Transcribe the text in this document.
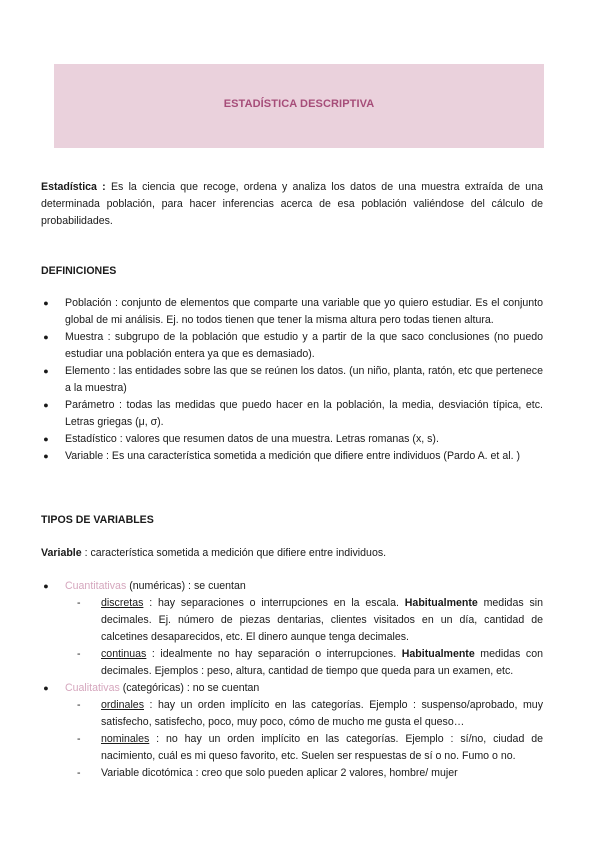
ESTADÍSTICA DESCRIPTIVA

Estadística : Es la ciencia que recoge, ordena y analiza los datos de una muestra extraída de una determinada población, para hacer inferencias acerca de esa población valiéndose del cálculo de probabilidades.

DEFINICIONES
● Población : conjunto de elementos que comparte una variable que yo quiero estudiar. Es el conjunto global de mi análisis. Ej. no todos tienen que tener la misma altura pero todas tienen altura.
● Muestra : subgrupo de la población que estudio y a partir de la que saco conclusiones (no puedo estudiar una población entera ya que es demasiado).
● Elemento : las entidades sobre las que se reúnen los datos. (un niño, planta, ratón, etc que pertenece a la muestra)
● Parámetro : todas las medidas que puedo hacer en la población, la media, desviación típica, etc. Letras griegas (μ, σ).
● Estadístico : valores que resumen datos de una muestra. Letras romanas (x, s).
● Variable : Es una característica sometida a medición que difiere entre individuos (Pardo A. et al. )
TIPOS DE VARIABLES

Variable : característica sometida a medición que difiere entre individuos.

● Cuantitativas (numéricas) : se cuentan
- discretas : hay separaciones o interrupciones en la escala. Habitualmente medidas sin decimales. Ej. número de piezas dentarias, clientes visitados en un día, cantidad de calcetines desaparecidos, etc. El dinero aunque tenga decimales.
- continuas : idealmente no hay separación o interrupciones. Habitualmente medidas con decimales. Ejemplos : peso, altura, cantidad de tiempo que queda para un examen, etc.
● Cualitativas (categóricas) : no se cuentan
- ordinales : hay un orden implícito en las categorías. Ejemplo : suspenso/aprobado, muy satisfecho, satisfecho, poco, muy poco, cómo de mucho me gusta el queso…
- nominales : no hay un orden implícito en las categorías. Ejemplo : sí/no, ciudad de nacimiento, cuál es mi queso favorito, etc. Suelen ser respuestas de sí o no. Fumo o no.
- Variable dicotómica : creo que solo pueden aplicar 2 valores, hombre/ mujer
